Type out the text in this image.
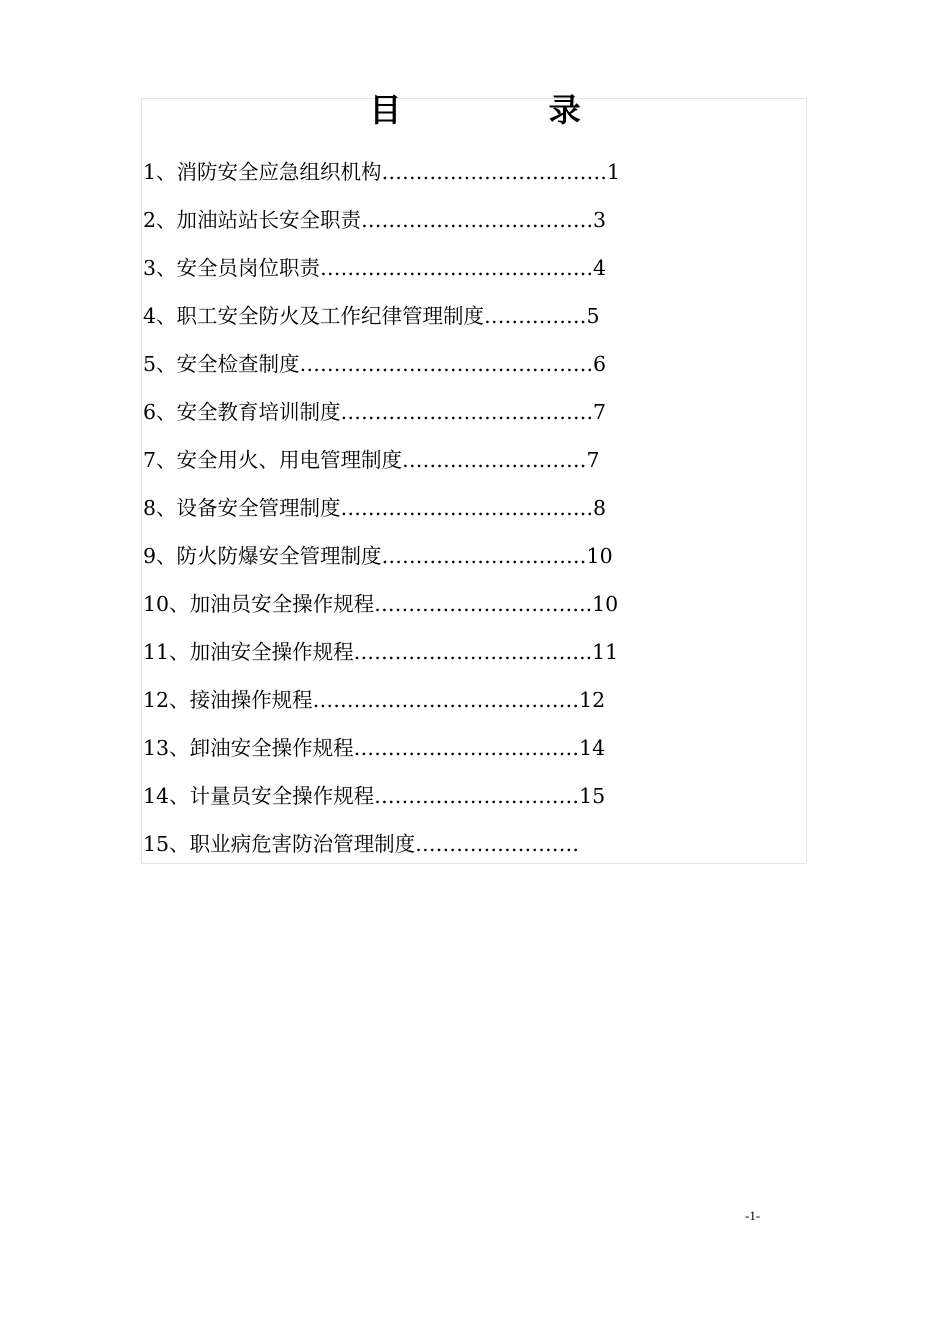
目 录
1、消防安全应急组织机构……………………………1
2、加油站站长安全职责…………………………….3
3、安全员岗位职责………………………………….4
4、职工安全防火及工作纪律管理制度……………5
5、安全检查制度…………………………………….6
6、安全教育培训制度……………………………….7
7、安全用火、用电管理制度………………………7
8、设备安全管理制度……………………………….8
9、防火防爆安全管理制度…………………………10
10、加油员安全操作规程…………………………..10
11、加油安全操作规程……………………………..11
12、接油操作规程…………………………………12
13、卸油安全操作规程……………………………14
14、计量员安全操作规程…………………………15
15、职业病危害防治管理制度……………………
-1-
